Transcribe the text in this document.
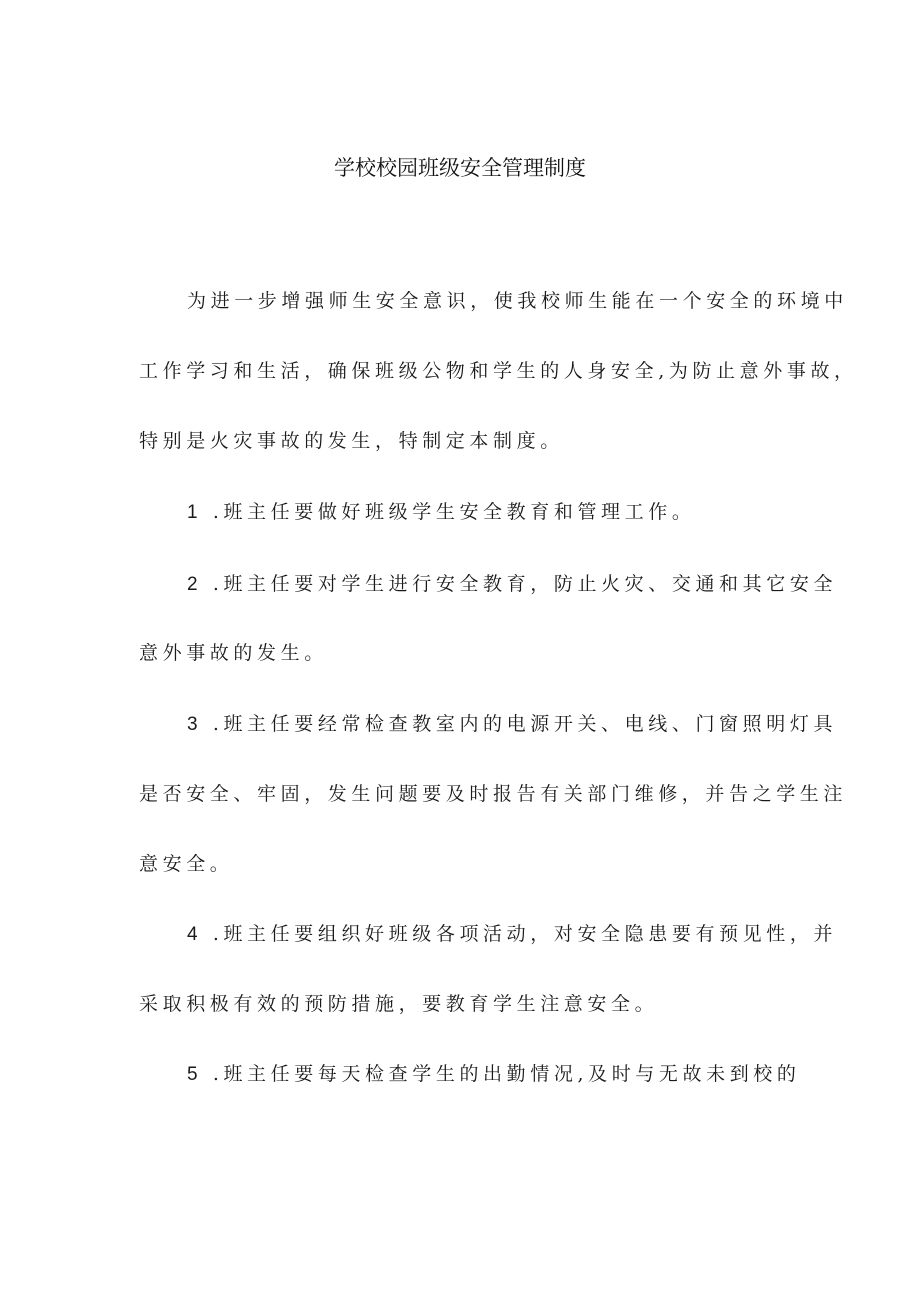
学校校园班级安全管理制度
为进一步增强师生安全意识，使我校师生能在一个安全的环境中
工作学习和生活，确保班级公物和学生的人身安全,为防止意外事故，
特别是火灾事故的发生，特制定本制度。
1 .班主任要做好班级学生安全教育和管理工作。
2 .班主任要对学生进行安全教育，防止火灾、交通和其它安全
意外事故的发生。
3 .班主任要经常检查教室内的电源开关、电线、门窗照明灯具
是否安全、牢固，发生问题要及时报告有关部门维修，并告之学生注
意安全。
4 .班主任要组织好班级各项活动，对安全隐患要有预见性，并
采取积极有效的预防措施，要教育学生注意安全。
5 .班主任要每天检查学生的出勤情况,及时与无故未到校的
